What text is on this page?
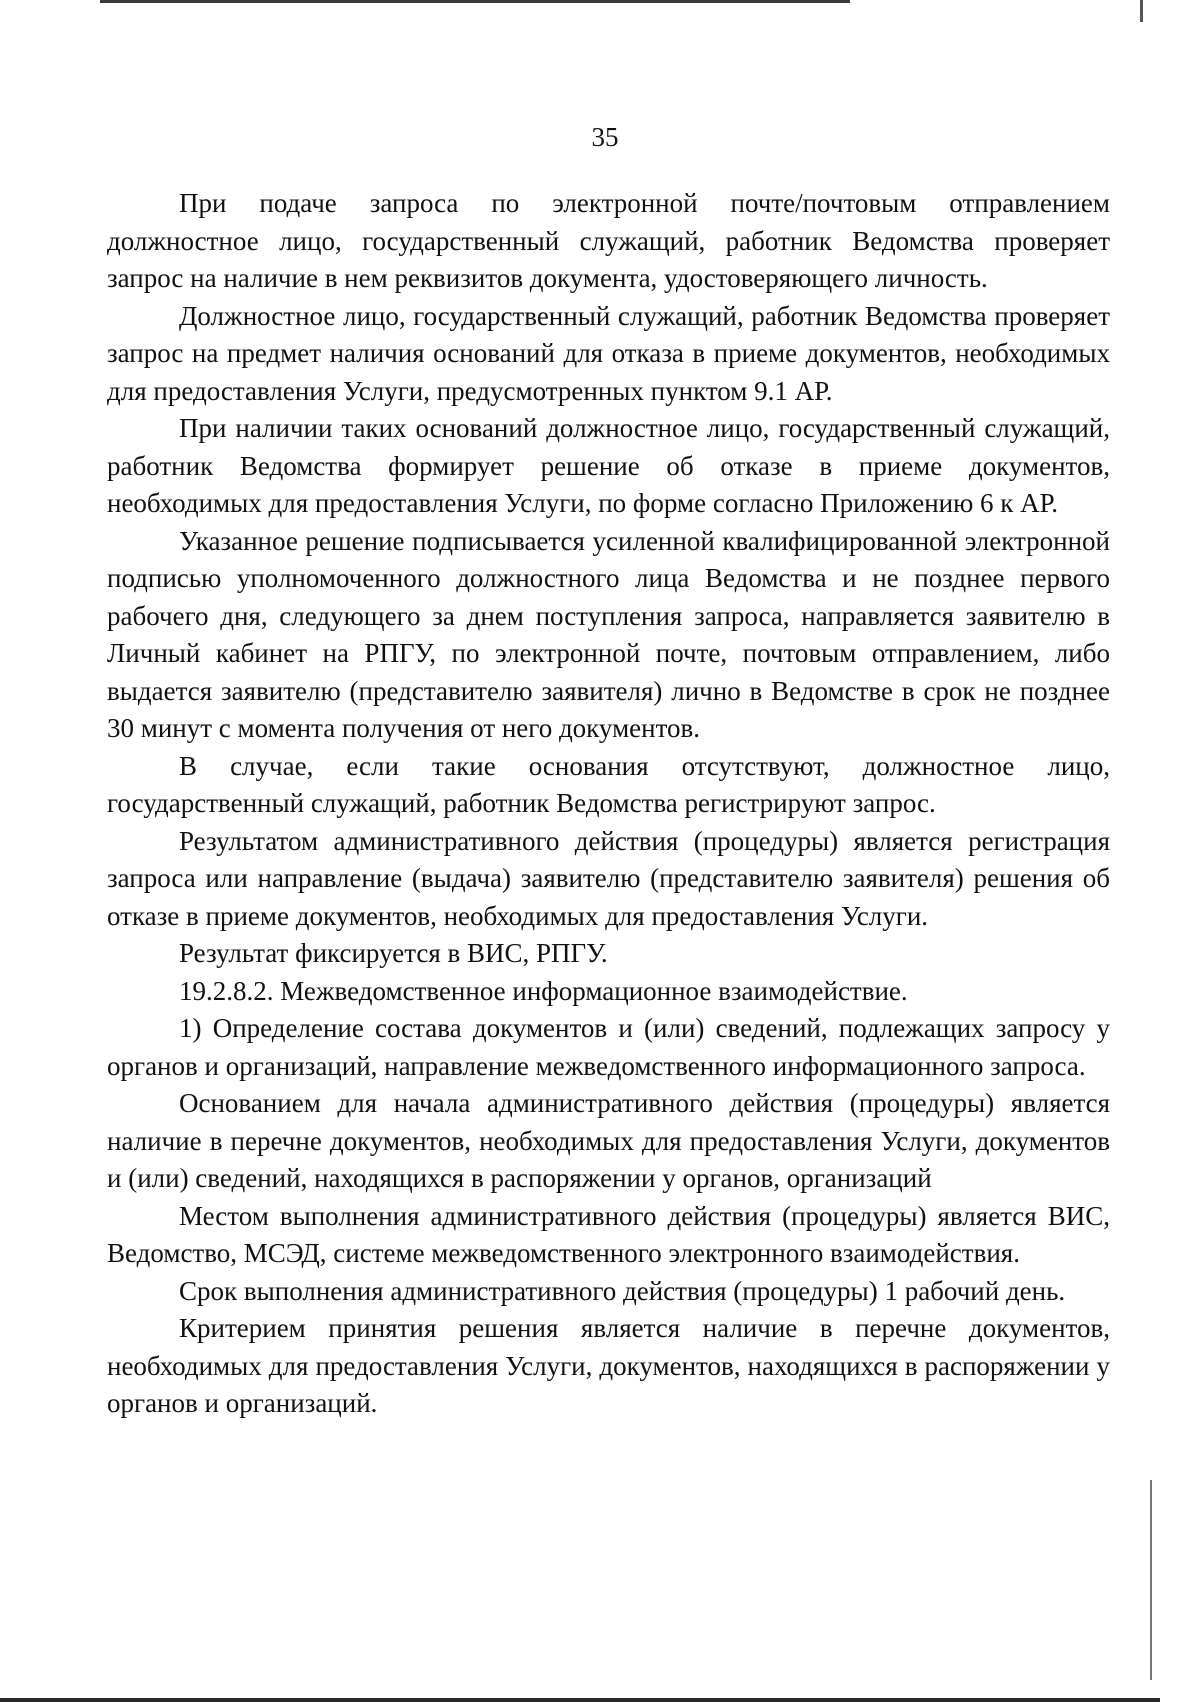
35

При подаче запроса по электронной почте/почтовым отправлением должностное лицо, государственный служащий, работник Ведомства проверяет запрос на наличие в нем реквизитов документа, удостоверяющего личность.

Должностное лицо, государственный служащий, работник Ведомства проверяет запрос на предмет наличия оснований для отказа в приеме документов, необходимых для предоставления Услуги, предусмотренных пунктом 9.1 АР.

При наличии таких оснований должностное лицо, государственный служащий, работник Ведомства формирует решение об отказе в приеме документов, необходимых для предоставления Услуги, по форме согласно Приложению 6 к АР.

Указанное решение подписывается усиленной квалифицированной электронной подписью уполномоченного должностного лица Ведомства и не позднее первого рабочего дня, следующего за днем поступления запроса, направляется заявителю в Личный кабинет на РПГУ, по электронной почте, почтовым отправлением, либо выдается заявителю (представителю заявителя) лично в Ведомстве в срок не позднее 30 минут с момента получения от него документов.

В случае, если такие основания отсутствуют, должностное лицо, государственный служащий, работник Ведомства регистрируют запрос.

Результатом административного действия (процедуры) является регистрация запроса или направление (выдача) заявителю (представителю заявителя) решения об отказе в приеме документов, необходимых для предоставления Услуги.

Результат фиксируется в ВИС, РПГУ.

19.2.8.2. Межведомственное информационное взаимодействие.

1) Определение состава документов и (или) сведений, подлежащих запросу у органов и организаций, направление межведомственного информационного запроса.

Основанием для начала административного действия (процедуры) является наличие в перечне документов, необходимых для предоставления Услуги, документов и (или) сведений, находящихся в распоряжении у органов, организаций

Местом выполнения административного действия (процедуры) является ВИС, Ведомство, МСЭД, системе межведомственного электронного взаимодействия.

Срок выполнения административного действия (процедуры) 1 рабочий день.

Критерием принятия решения является наличие в перечне документов, необходимых для предоставления Услуги, документов, находящихся в распоряжении у органов и организаций.
